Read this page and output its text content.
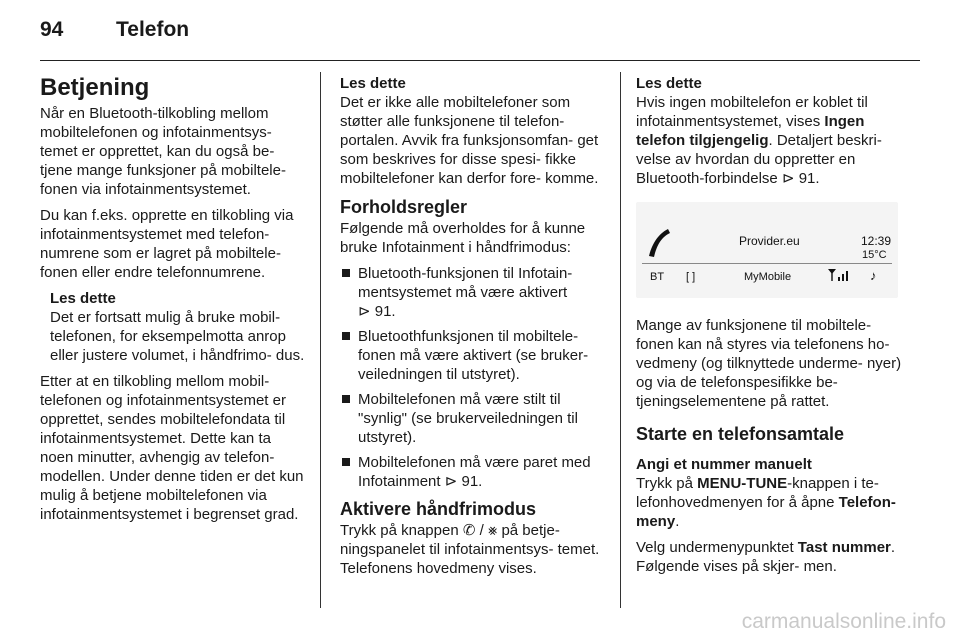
94	Telefon
Betjening

Når en Bluetooth-tilkobling mellom mobiltelefonen og infotainmentsys- temet er opprettet, kan du også be- tjene mange funksjoner på mobiltele- fonen via infotainmentsystemet.

Du kan f.eks. opprette en tilkobling via infotainmentsystemet med telefon- numrene som er lagret på mobiltele- fonen eller endre telefonnumrene.

Les dette
Det er fortsatt mulig å bruke mobil- telefonen, for eksempelmotta anrop eller justere volumet, i håndfrimo- dus.

Etter at en tilkobling mellom mobil- telefonen og infotainmentsystemet er opprettet, sendes mobiltelefondata til infotainmentsystemet. Dette kan ta noen minutter, avhengig av telefon- modellen. Under denne tiden er det kun mulig å betjene mobiltelefonen via infotainmentsystemet i begrenset grad.

Les dette
Det er ikke alle mobiltelefoner som støtter alle funksjonene til telefon- portalen. Avvik fra funksjonsomfan- get som beskrives for disse spesi- fikke mobiltelefoner kan derfor fore- komme.
Forholdsregler

Følgende må overholdes for å kunne bruke Infotainment i håndfrimodus:

Bluetooth-funksjonen til Infotain- mentsystemet må være aktivert
⊳ 91.
Bluetoothfunksjonen til mobiltele- fonen må være aktivert (se bruker- veiledningen til utstyret).
Mobiltelefonen må være stilt til "synlig" (se brukerveiledningen til utstyret).
Mobiltelefonen må være paret med Infotainment ⊳ 91.
Aktivere håndfrimodus

Trykk på knappen ✆ / ⨳ på betje- ningspanelet til infotainmentsys- temet. Telefonens hovedmeny vises.

Les dette
Hvis ingen mobiltelefon er koblet til infotainmentsystemet, vises Ingen telefon tilgjengelig. Detaljert beskri- velse av hvordan du oppretter en Bluetooth-forbindelse ⊳ 91.
Provider.eu	12:39
15°C
BT [ ]	MyMobile	♪

Mange av funksjonene til mobiltele- fonen kan nå styres via telefonens ho- vedmeny (og tilknyttede underme- nyer) og via de telefonspesifikke be- tjeningselementene på rattet.

Starte en telefonsamtale
Angi et nummer manuelt

Trykk på MENU-TUNE-knappen i te- lefonhovedmenyen for å åpne Telefon-meny.

Velg undermenypunktet Tast nummer. Følgende vises på skjer- men.

carmanualsonline.info
